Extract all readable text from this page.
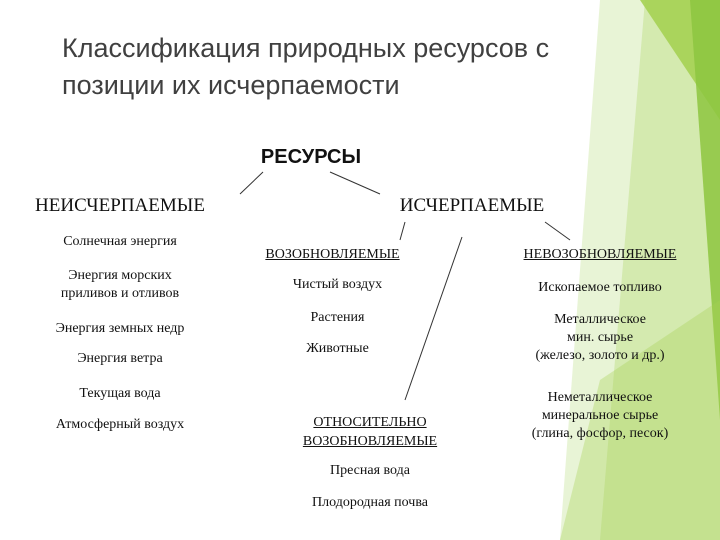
Классификация природных ресурсов с
позиции их исчерпаемости
РЕСУРСЫ
НЕИСЧЕРПАЕМЫЕ	ИСЧЕРПАЕМЫЕ
Солнечная энергия
Энергия морских
приливов и отливов
Энергия земных недр
Энергия ветра
Текущая вода
Атмосферный воздух
ВОЗОБНОВЛЯЕМЫЕ
Чистый воздух
Растения
Животные
ОТНОСИТЕЛЬНО
ВОЗОБНОВЛЯЕМЫЕ
Пресная вода
Плодородная почва
НЕВОЗОБНОВЛЯЕМЫЕ
Ископаемое топливо
Металлическое
мин. сырье
(железо, золото и др.)
Неметаллическое
минеральное сырье
(глина, фосфор, песок)
